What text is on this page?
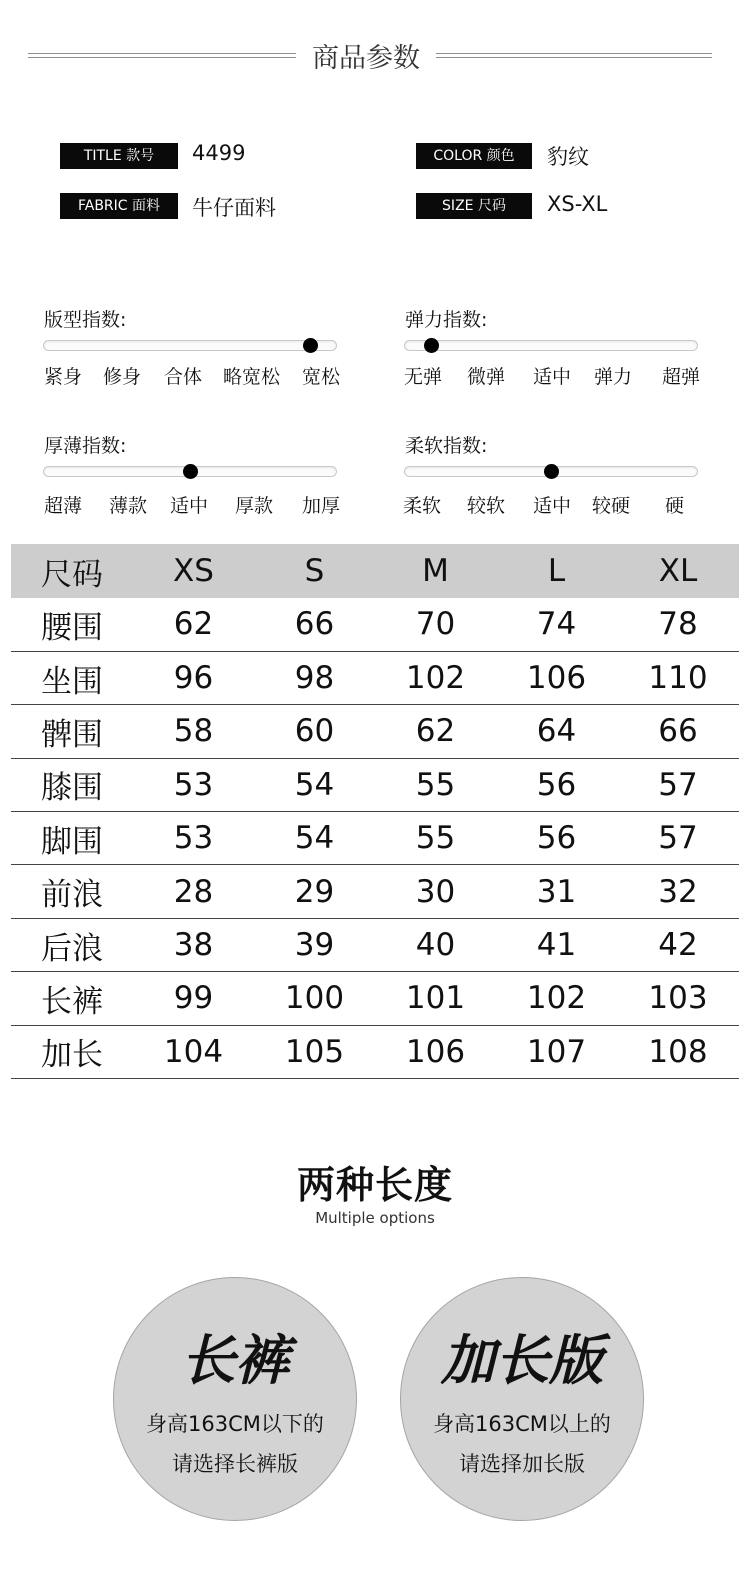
商品参数
TITLE 款号	4499	COLOR 颜色	豹纹
FABRIC 面料	牛仔面料	SIZE 尺码	XS-XL
版型指数:
紧身 修身 合体 略宽松 宽松
弹力指数:
无弹 微弹 适中 弹力 超弹
厚薄指数:
超薄 薄款 适中 厚款 加厚
柔软指数:
柔软 较软 适中 较硬 硬
尺码	XS	S	M	L	XL
腰围	62	66	70	74	78
坐围	96	98	102	106	110
髀围	58	60	62	64	66
膝围	53	54	55	56	57
脚围	53	54	55	56	57
前浪	28	29	30	31	32
后浪	38	39	40	41	42
长裤	99	100	101	102	103
加长	104	105	106	107	108
两种长度
Multiple options
长裤
身高163CM以下的
请选择长裤版
加长版
身高163CM以上的
请选择加长版
